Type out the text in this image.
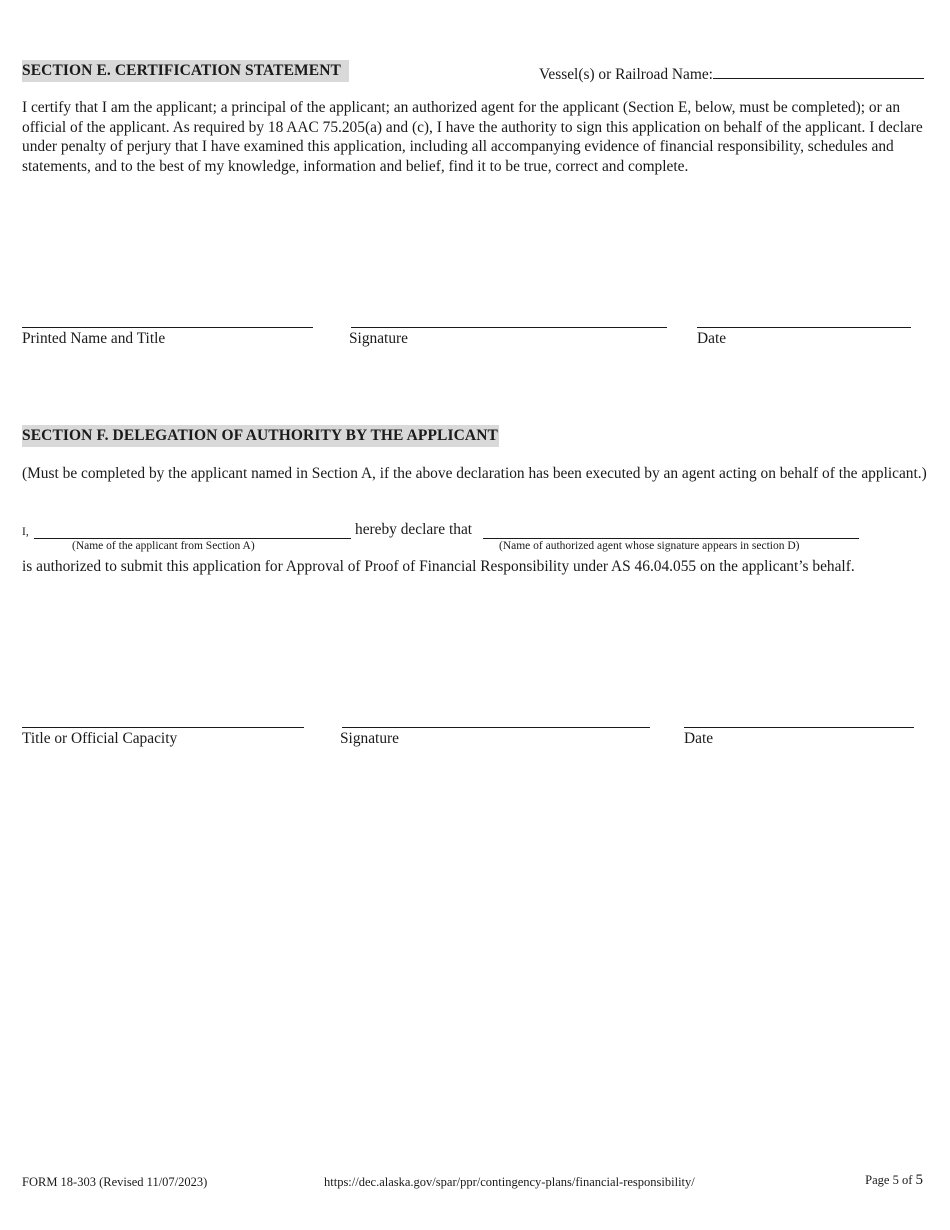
SECTION E. CERTIFICATION STATEMENT	Vessel(s) or Railroad Name:
I certify that I am the applicant; a principal of the applicant; an authorized agent for the applicant (Section E, below, must be completed); or an official of the applicant. As required by 18 AAC 75.205(a) and (c), I have the authority to sign this application on behalf of the applicant. I declare under penalty of perjury that I have examined this application, including all accompanying evidence of financial responsibility, schedules and statements, and to the best of my knowledge, information and belief, find it to be true, correct and complete.
Printed Name and Title	Signature	Date
SECTION F. DELEGATION OF AUTHORITY BY THE APPLICANT
(Must be completed by the applicant named in Section A, if the above declaration has been executed by an agent acting on behalf of the applicant.)
I,	hereby declare that
(Name of the applicant from Section A)	(Name of authorized agent whose signature appears in section D)
is authorized to submit this application for Approval of Proof of Financial Responsibility under AS 46.04.055 on the applicant’s behalf.
Title or Official Capacity	Signature	Date
FORM 18-303 (Revised 11/07/2023)	https://dec.alaska.gov/spar/ppr/contingency-plans/financial-responsibility/	Page 5 of 5
